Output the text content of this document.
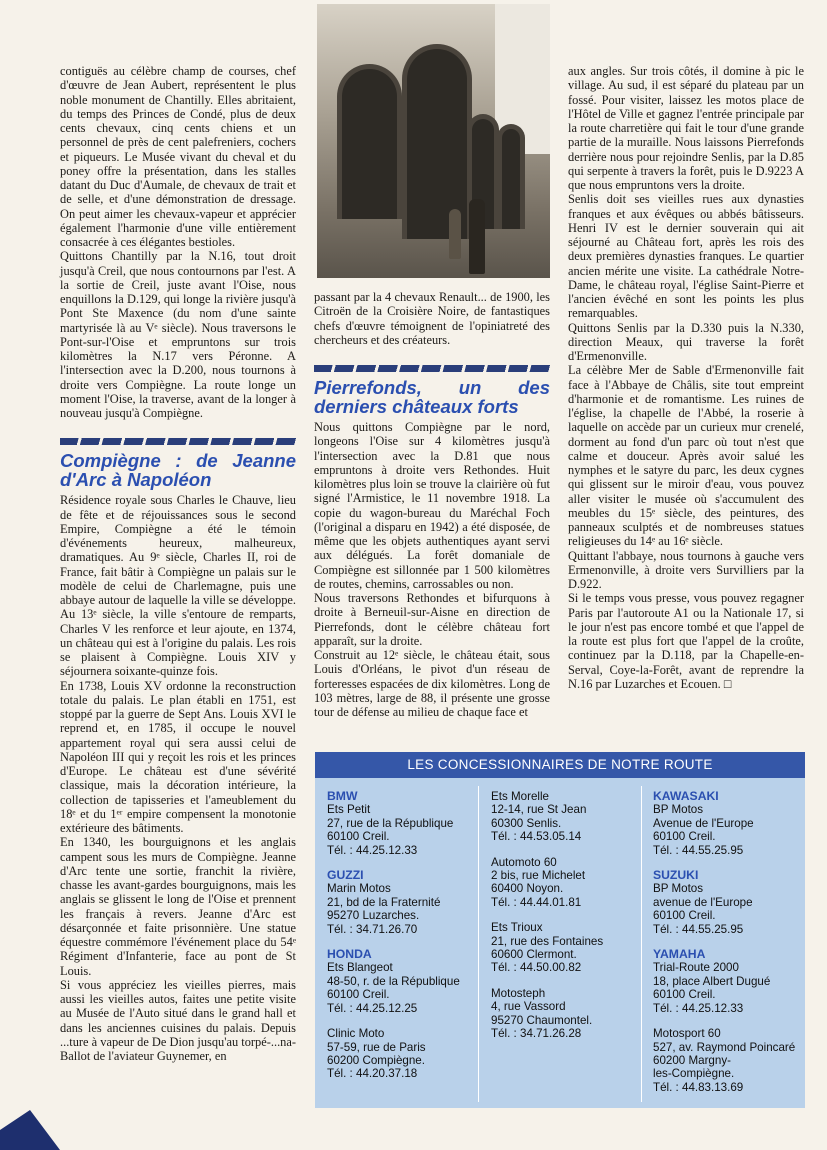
contiguës au célèbre champ de courses, chef d'œuvre de Jean Aubert, représentent le plus noble monument de Chantilly. Elles abritaient, du temps des Princes de Condé, plus de deux cents chevaux, cinq cents chiens et un personnel de près de cent palefreniers, cochers et piqueurs. Le Musée vivant du cheval et du poney offre la présentation, dans les stalles datant du Duc d'Aumale, de chevaux de trait et de selle, et d'une démonstration de dressage. On peut aimer les chevaux-vapeur et apprécier également l'harmonie d'une ville entièrement consacrée à ces élégantes bestioles.

Quittons Chantilly par la N.16, tout droit jusqu'à Creil, que nous contournons par l'est. A la sortie de Creil, juste avant l'Oise, nous enquillons la D.129, qui longe la rivière jusqu'à Pont Ste Maxence (du nom d'une sainte martyrisée là au Vᵉ siècle). Nous traversons le Pont-sur-l'Oise et empruntons sur trois kilomètres la N.17 vers Péronne. A l'intersection avec la D.200, nous tournons à droite vers Compiègne. La route longe un moment l'Oise, la traverse, avant de la longer à nouveau jusqu'à Compiègne.

Compiègne : de Jeanne d'Arc à Napoléon

Résidence royale sous Charles le Chauve, lieu de fête et de réjouissances sous le second Empire, Compiègne a été le témoin d'événements heureux, malheureux, dramatiques. Au 9ᵉ siècle, Charles II, roi de France, fait bâtir à Compiègne un palais sur le modèle de celui de Charlemagne, puis une abbaye autour de laquelle la ville se développe. Au 13ᵉ siècle, la ville s'entoure de remparts, Charles V les renforce et leur ajoute, en 1374, un château qui est à l'origine du palais. Les rois se plaisent à Compiègne. Louis XIV y séjournera soixante-quinze fois.

En 1738, Louis XV ordonne la reconstruction totale du palais. Le plan établi en 1751, est stoppé par la guerre de Sept Ans. Louis XVI le reprend et, en 1785, il occupe le nouvel appartement royal qui sera aussi celui de Napoléon III qui y reçoit les rois et les princes d'Europe. Le château est d'une sévérité classique, mais la décoration intérieure, la collection de tapisseries et l'ameublement du 18ᵉ et du 1ᵉʳ empire compensent la monotonie extérieure des bâtiments.

En 1340, les bourguignons et les anglais campent sous les murs de Compiègne. Jeanne d'Arc tente une sortie, franchit la rivière, chasse les avant-gardes bourguignons, mais les anglais se glissent le long de l'Oise et prennent les français à revers. Jeanne d'Arc est désarçonnée et faite prisonnière. Une statue équestre commémore l'événement place du 54ᵉ Régiment d'Infanterie, face au pont de St Louis.

Si vous appréciez les vieilles pierres, mais aussi les vieilles autos, faites une petite visite au Musée de l'Auto situé dans le grand hall et dans les anciennes cuisines du palais. Depuis ...ture à vapeur de De Dion jusqu'au torpé-...na-Ballot de l'aviateur Guynemer, en

passant par la 4 chevaux Renault... de 1900, les Citroën de la Croisière Noire, de fantastiques chefs d'œuvre témoignent de l'opiniatreté des chercheurs et des créateurs.

Pierrefonds, un des derniers châteaux forts

Nous quittons Compiègne par le nord, longeons l'Oise sur 4 kilomètres jusqu'à l'intersection avec la D.81 que nous empruntons à droite vers Rethondes. Huit kilomètres plus loin se trouve la clairière où fut signé l'Armistice, le 11 novembre 1918. La copie du wagon-bureau du Maréchal Foch (l'original a disparu en 1942) a été disposée, de même que les objets authentiques ayant servi aux délégués. La forêt domaniale de Compiègne est sillonnée par 1 500 kilomètres de routes, chemins, carrossables ou non.

Nous traversons Rethondes et bifurquons à droite à Berneuil-sur-Aisne en direction de Pierrefonds, dont le célèbre château fort apparaît, sur la droite.

Construit au 12ᵉ siècle, le château était, sous Louis d'Orléans, le pivot d'un réseau de forteresses espacées de dix kilomètres. Long de 103 mètres, large de 88, il présente une grosse tour de défense au milieu de chaque face et

aux angles. Sur trois côtés, il domine à pic le village. Au sud, il est séparé du plateau par un fossé. Pour visiter, laissez les motos place de l'Hôtel de Ville et gagnez l'entrée principale par la route charretière qui fait le tour d'une grande partie de la muraille. Nous laissons Pierrefonds derrière nous pour rejoindre Senlis, par la D.85 qui serpente à travers la forêt, puis le D.9223 A que nous empruntons vers la droite.

Senlis doit ses vieilles rues aux dynasties franques et aux évêques ou abbés bâtisseurs. Henri IV est le dernier souverain qui ait séjourné au Château fort, après les rois des deux premières dynasties franques. Le quartier ancien mérite une visite. La cathédrale Notre-Dame, le château royal, l'église Saint-Pierre et l'ancien évêché en sont les points les plus remarquables.

Quittons Senlis par la D.330 puis la N.330, direction Meaux, qui traverse la forêt d'Ermenonville.

La célèbre Mer de Sable d'Ermenonville fait face à l'Abbaye de Châlis, site tout empreint d'harmonie et de romantisme. Les ruines de l'église, la chapelle de l'Abbé, la roserie à laquelle on accède par un curieux mur crenelé, dorment au fond d'un parc où tout n'est que calme et douceur. Après avoir salué les nymphes et le satyre du parc, les deux cygnes qui glissent sur le miroir d'eau, vous pouvez aller visiter le musée où s'accumulent des meubles du 15ᵉ siècle, des peintures, des panneaux sculptés et de nombreuses statues religieuses du 14ᵉ au 16ᵉ siècle.

Quittant l'abbaye, nous tournons à gauche vers Ermenonville, à droite vers Survilliers par la D.922.

Si le temps vous presse, vous pouvez regagner Paris par l'autoroute A1 ou la Nationale 17, si le jour n'est pas encore tombé et que l'appel de la route est plus fort que l'appel de la croûte, continuez par la D.118, par la Chapelle-en-Serval, Coye-la-Forêt, avant de reprendre la N.16 par Luzarches et Ecouen. □

LES CONCESSIONNAIRES DE NOTRE ROUTE
BMW
Ets Petit
27, rue de la République
60100 Creil.
Tél. : 44.25.12.33
GUZZI
Marin Motos
21, bd de la Fraternité
95270 Luzarches.
Tél. : 34.71.26.70
HONDA
Ets Blangeot
48-50, r. de la République
60100 Creil.
Tél. : 44.25.12.25
Clinic Moto
57-59, rue de Paris
60200 Compiègne.
Tél. : 44.20.37.18
Ets Morelle
12-14, rue St Jean
60300 Senlis.
Tél. : 44.53.05.14
Automoto 60
2 bis, rue Michelet
60400 Noyon.
Tél. : 44.44.01.81
Ets Trioux
21, rue des Fontaines
60600 Clermont.
Tél. : 44.50.00.82
Motosteph
4, rue Vassord
95270 Chaumontel.
Tél. : 34.71.26.28
KAWASAKI
BP Motos
Avenue de l'Europe
60100 Creil.
Tél. : 44.55.25.95
SUZUKI
BP Motos
avenue de l'Europe
60100 Creil.
Tél. : 44.55.25.95
YAMAHA
Trial-Route 2000
18, place Albert Dugué
60100 Creil.
Tél. : 44.25.12.33
Motosport 60
527, av. Raymond Poincaré
60200 Margny-
les-Compiègne.
Tél. : 44.83.13.69
